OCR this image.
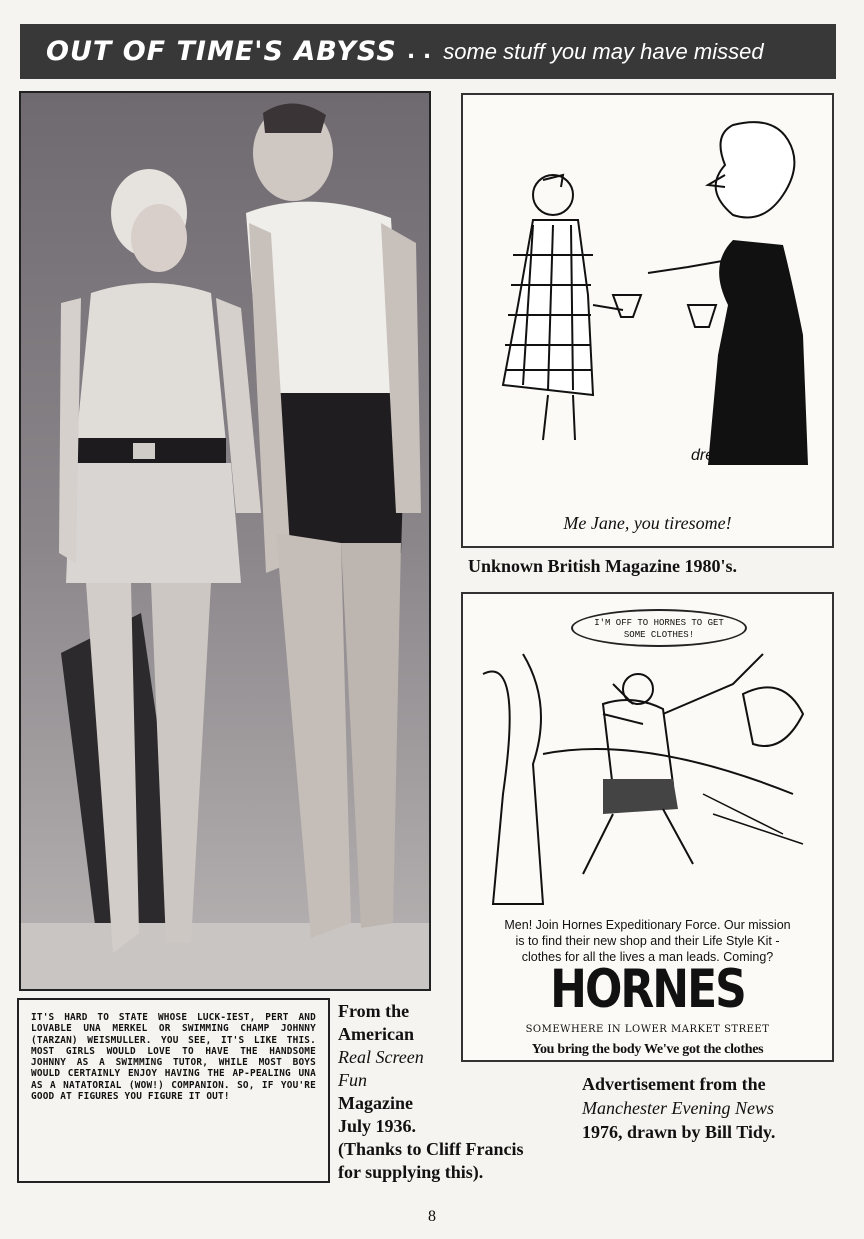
OUT OF TIME'S ABYSS . . some stuff you may have missed
dredge
Me Jane, you tiresome!
Unknown British Magazine 1980's.
I'M OFF TO HORNES TO GET SOME CLOTHES!
Men! Join Hornes Expeditionary Force. Our mission
is to find their new shop and their Life Style Kit -
clothes for all the lives a man leads. Coming?
HORNES
SOMEWHERE IN LOWER MARKET STREET
You bring the body We've got the clothes
Advertisement from the
Manchester Evening News
1976, drawn by Bill Tidy.
IT'S HARD TO STATE WHOSE LUCK-IEST, PERT AND LOVABLE UNA MERKEL OR SWIMMING CHAMP JOHNNY (TARZAN) WEISMULLER. YOU SEE, IT'S LIKE THIS. MOST GIRLS WOULD LOVE TO HAVE THE HANDSOME JOHNNY AS A SWIMMING TUTOR, WHILE MOST BOYS WOULD CERTAINLY ENJOY HAVING THE AP-PEALING UNA AS A NATATORIAL (WOW!) COMPANION. SO, IF YOU'RE GOOD AT FIGURES YOU FIGURE IT OUT!
From the
American
Real Screen
Fun
Magazine
July 1936.
(Thanks to Cliff Francis
for supplying this).
8
